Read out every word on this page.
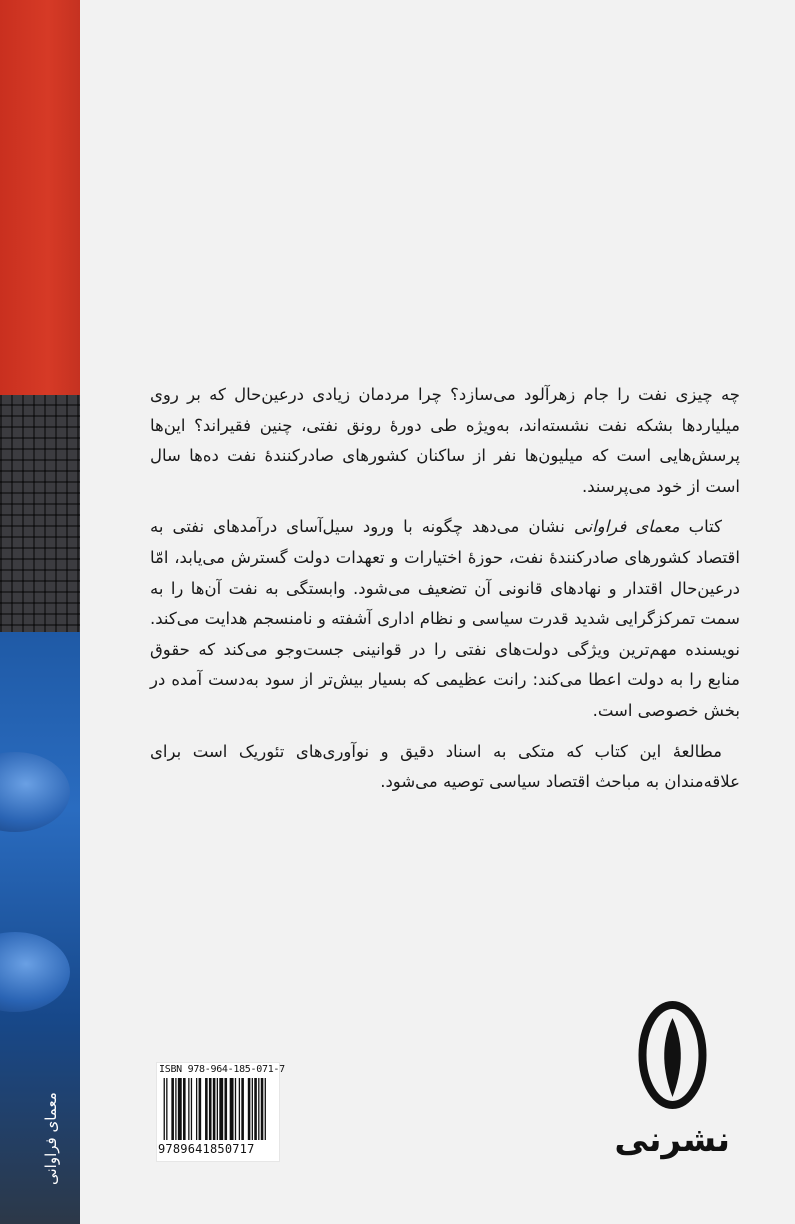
معمای فراوانی

چه چیزی نفت را جام زهرآلود می‌سازد؟ چرا مردمان زیادی درعین‌حال که بر روی میلیاردها بشکه نفت نشسته‌اند، به‌ویژه طی دورهٔ رونق نفتی، چنین فقیراند؟ این‌ها پرسش‌هایی است که میلیون‌ها نفر از ساکنان کشورهای صادرکنندهٔ نفت ده‌ها سال است از خود می‌پرسند.

کتاب معمای فراوانی نشان می‌دهد چگونه با ورود سیل‌آسای درآمدهای نفتی به اقتصاد کشورهای صادرکنندهٔ نفت، حوزهٔ اختیارات و تعهدات دولت گسترش می‌یابد، امّا درعین‌حال اقتدار و نهادهای قانونی آن تضعیف می‌شود. وابستگی به نفت آن‌ها را به سمت تمرکزگرایی شدید قدرت سیاسی و نظام اداری آشفته و نامنسجم هدایت می‌کند. نویسنده مهم‌ترین ویژگی دولت‌های نفتی را در قوانینی جست‌وجو می‌کند که حقوق منابع را به دولت اعطا می‌کند: رانت عظیمی که بسیار بیش‌تر از سود به‌دست آمده در بخش خصوصی است.

مطالعهٔ این کتاب که متکی به اسناد دقیق و نوآوری‌های تئوریک است برای علاقه‌مندان به مباحث اقتصاد سیاسی توصیه می‌شود.

ISBN 978-964-185-071-7
9789641850717	نشرنی
